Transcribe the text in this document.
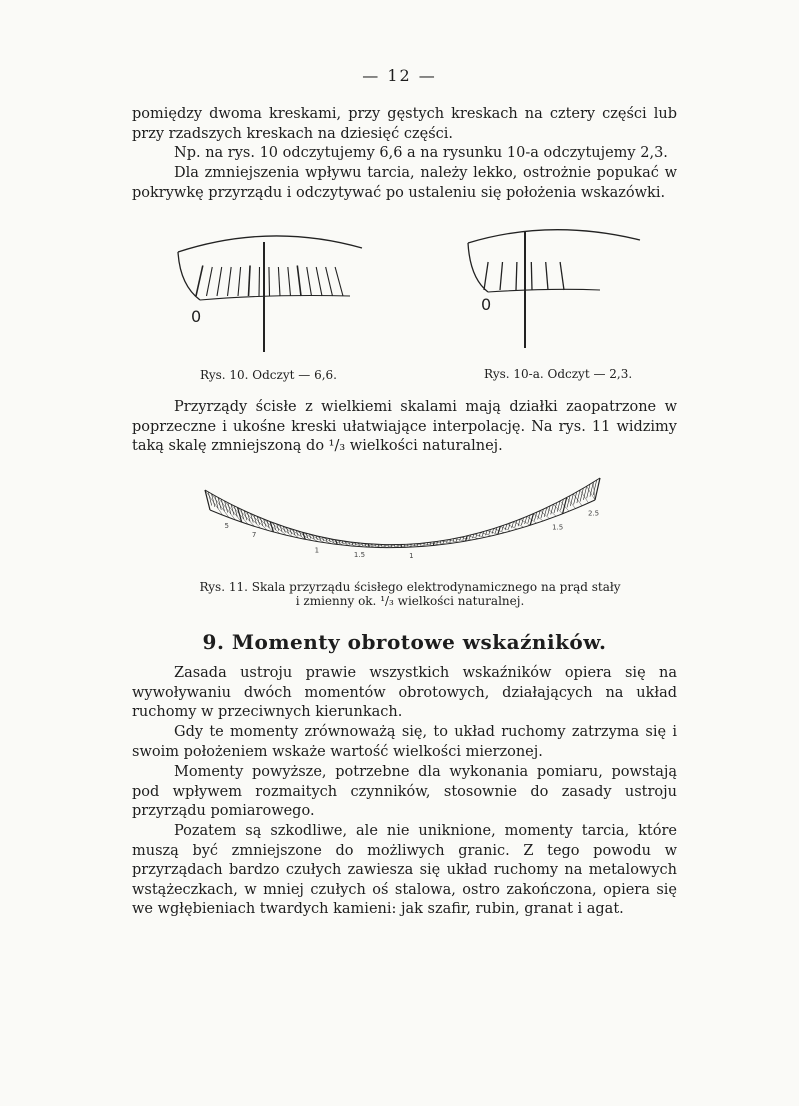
— 12 —

pomiędzy dwoma kreskami, przy gęstych kreskach na cztery części lub przy rzadszych kreskach na dziesięć części.

Np. na rys. 10 odczytujemy 6,6 a na rysunku 10-a odczytujemy 2,3.

Dla zmniejszenia wpływu tarcia, należy lekko, ostrożnie popukać w pokrywkę przyrządu i odczytywać po ustaleniu się położenia wskazówki.

0
Rys. 10. Odczyt — 6,6.
0
Rys. 10-a. Odczyt — 2,3.

Przyrządy ścisłe z wielkiemi skalami mają działki zaopatrzone w poprzeczne i ukośne kreski ułatwiające interpolację. Na rys. 11 widzimy taką skalę zmniejszoną do ¹/₃ wielkości naturalnej.

5
7
1
1.5	1
1.5
2.5
Rys. 11. Skala przyrządu ścisłego elektrodynamicznego na prąd stały
i zmienny ok. ¹/₃ wielkości naturalnej.
9. Momenty obrotowe wskaźników.

Zasada ustroju prawie wszystkich wskaźników opiera się na wywoływaniu dwóch momentów obrotowych, działających na układ ruchomy w przeciwnych kierunkach.

Gdy te momenty zrównoważą się, to układ ruchomy zatrzyma się i swoim położeniem wskaże wartość wielkości mierzonej.

Momenty powyższe, potrzebne dla wykonania pomiaru, powstają pod wpływem rozmaitych czynników, stosownie do zasady ustroju przyrządu pomiarowego.

Pozatem są szkodliwe, ale nie uniknione, momenty tarcia, które muszą być zmniejszone do możliwych granic. Z tego powodu w przyrządach bardzo czułych zawiesza się układ ruchomy na metalowych wstążeczkach, w mniej czułych oś stalowa, ostro zakończona, opiera się we wgłębieniach twardych kamieni: jak szafir, rubin, granat i agat.
